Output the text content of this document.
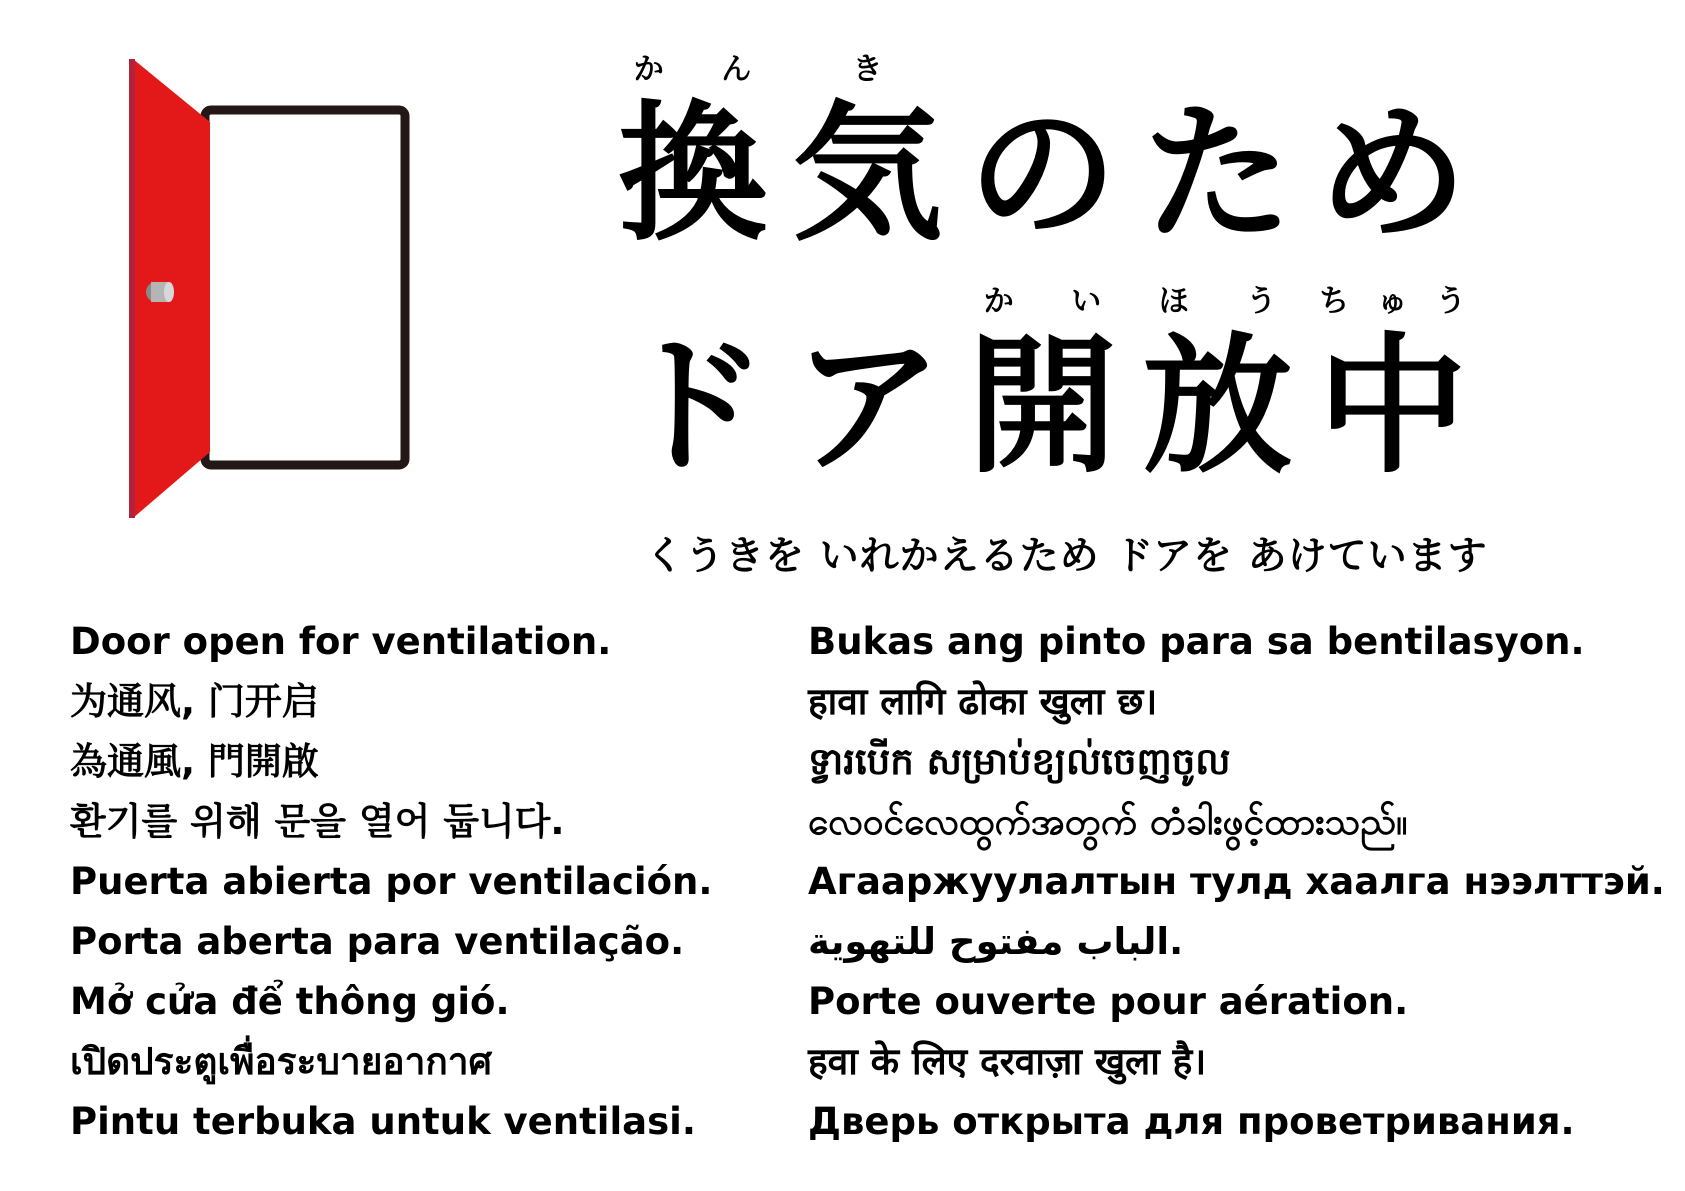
か ん
換
き
気 の た め
ド ア
か い
開
ほ う
放
ち ゅ う
中
くうきを いれかえるため ドアを あけています
Door open for ventilation.
为通风, 门开启
為通風, 門開啟
환기를 위해 문을 열어 둡니다.
Puerta abierta por ventilación.
Porta aberta para ventilação.
Mở cửa để thông gió.
เปิดประตูเพื่อระบายอากาศ
Pintu terbuka untuk ventilasi.
Bukas ang pinto para sa bentilasyon.
हावा लागि ढोका खुला छ।
ទ្វារបើក សម្រាប់ខ្យល់ចេញចូល
လေဝင်လေထွက်အတွက် တံခါးဖွင့်ထားသည်။
Агааржуулалтын тулд хаалга нээлттэй.
الباب مفتوح للتهوية.
Porte ouverte pour aération.
हवा के लिए दरवाज़ा खुला है।
Дверь открыта для проветривания.
